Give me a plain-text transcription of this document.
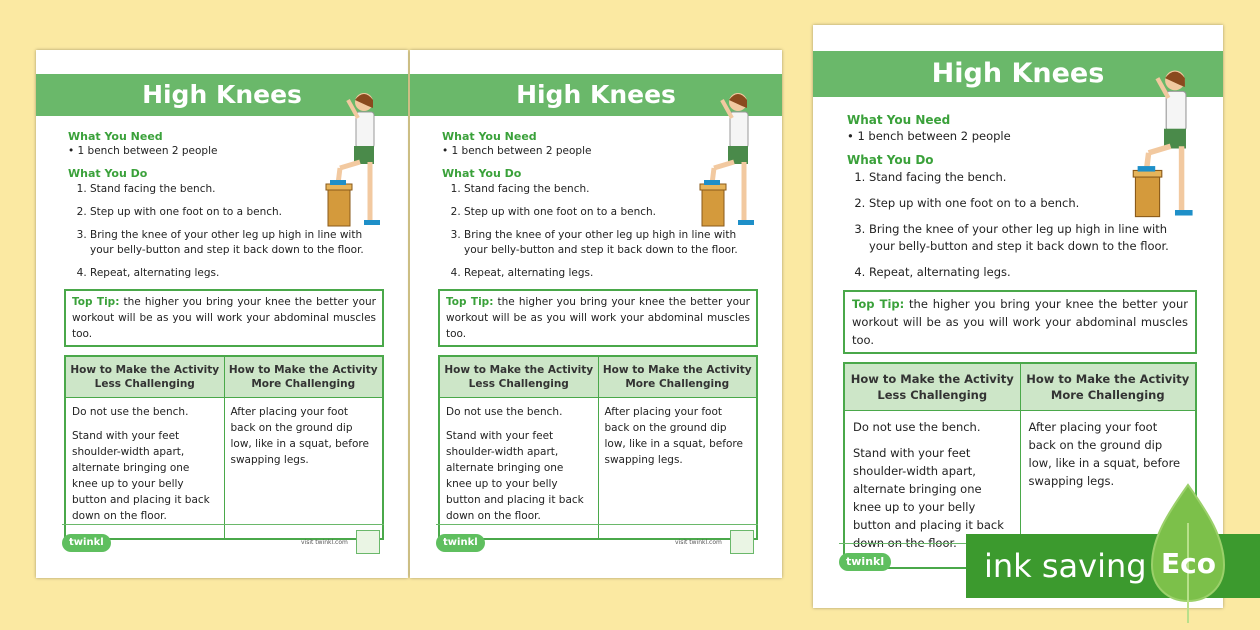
High Knees
What You Need
• 1 bench between 2 people
What You Do
1. Stand facing the bench.
2. Step up with one foot on to a bench.
3. Bring the knee of your other leg up high in line with your belly-button and step it back down to the floor.
4. Repeat, alternating legs.
Top Tip: the higher you bring your knee the better your workout will be as you will work your abdominal muscles too.
How to Make the Activity Less Challenging	How to Make the Activity More Challenging

Do not use the bench.

Stand with your feet shoulder-width apart, alternate bringing one knee up to your belly button and placing it back down on the floor.	After placing your foot back on the ground dip low, like in a squat, before swapping legs.

twinkl	visit twinkl.com
High Knees
What You Need
• 1 bench between 2 people
What You Do
1. Stand facing the bench.
2. Step up with one foot on to a bench.
3. Bring the knee of your other leg up high in line with your belly-button and step it back down to the floor.
4. Repeat, alternating legs.
Top Tip: the higher you bring your knee the better your workout will be as you will work your abdominal muscles too.
How to Make the Activity Less Challenging	How to Make the Activity More Challenging

Do not use the bench.

Stand with your feet shoulder-width apart, alternate bringing one knee up to your belly button and placing it back down on the floor.	After placing your foot back on the ground dip low, like in a squat, before swapping legs.

twinkl	visit twinkl.com
High Knees
What You Need
• 1 bench between 2 people
What You Do
1. Stand facing the bench.
2. Step up with one foot on to a bench.
3. Bring the knee of your other leg up high in line with your belly-button and step it back down to the floor.
4. Repeat, alternating legs.
Top Tip: the higher you bring your knee the better your workout will be as you will work your abdominal muscles too.
How to Make the Activity Less Challenging	How to Make the Activity More Challenging

Do not use the bench.

Stand with your feet shoulder-width apart, alternate bringing one knee up to your belly button and placing it back down on the floor.	After placing your foot back on the ground dip low, like in a squat, before swapping legs.

twinkl	ink saving Eco
